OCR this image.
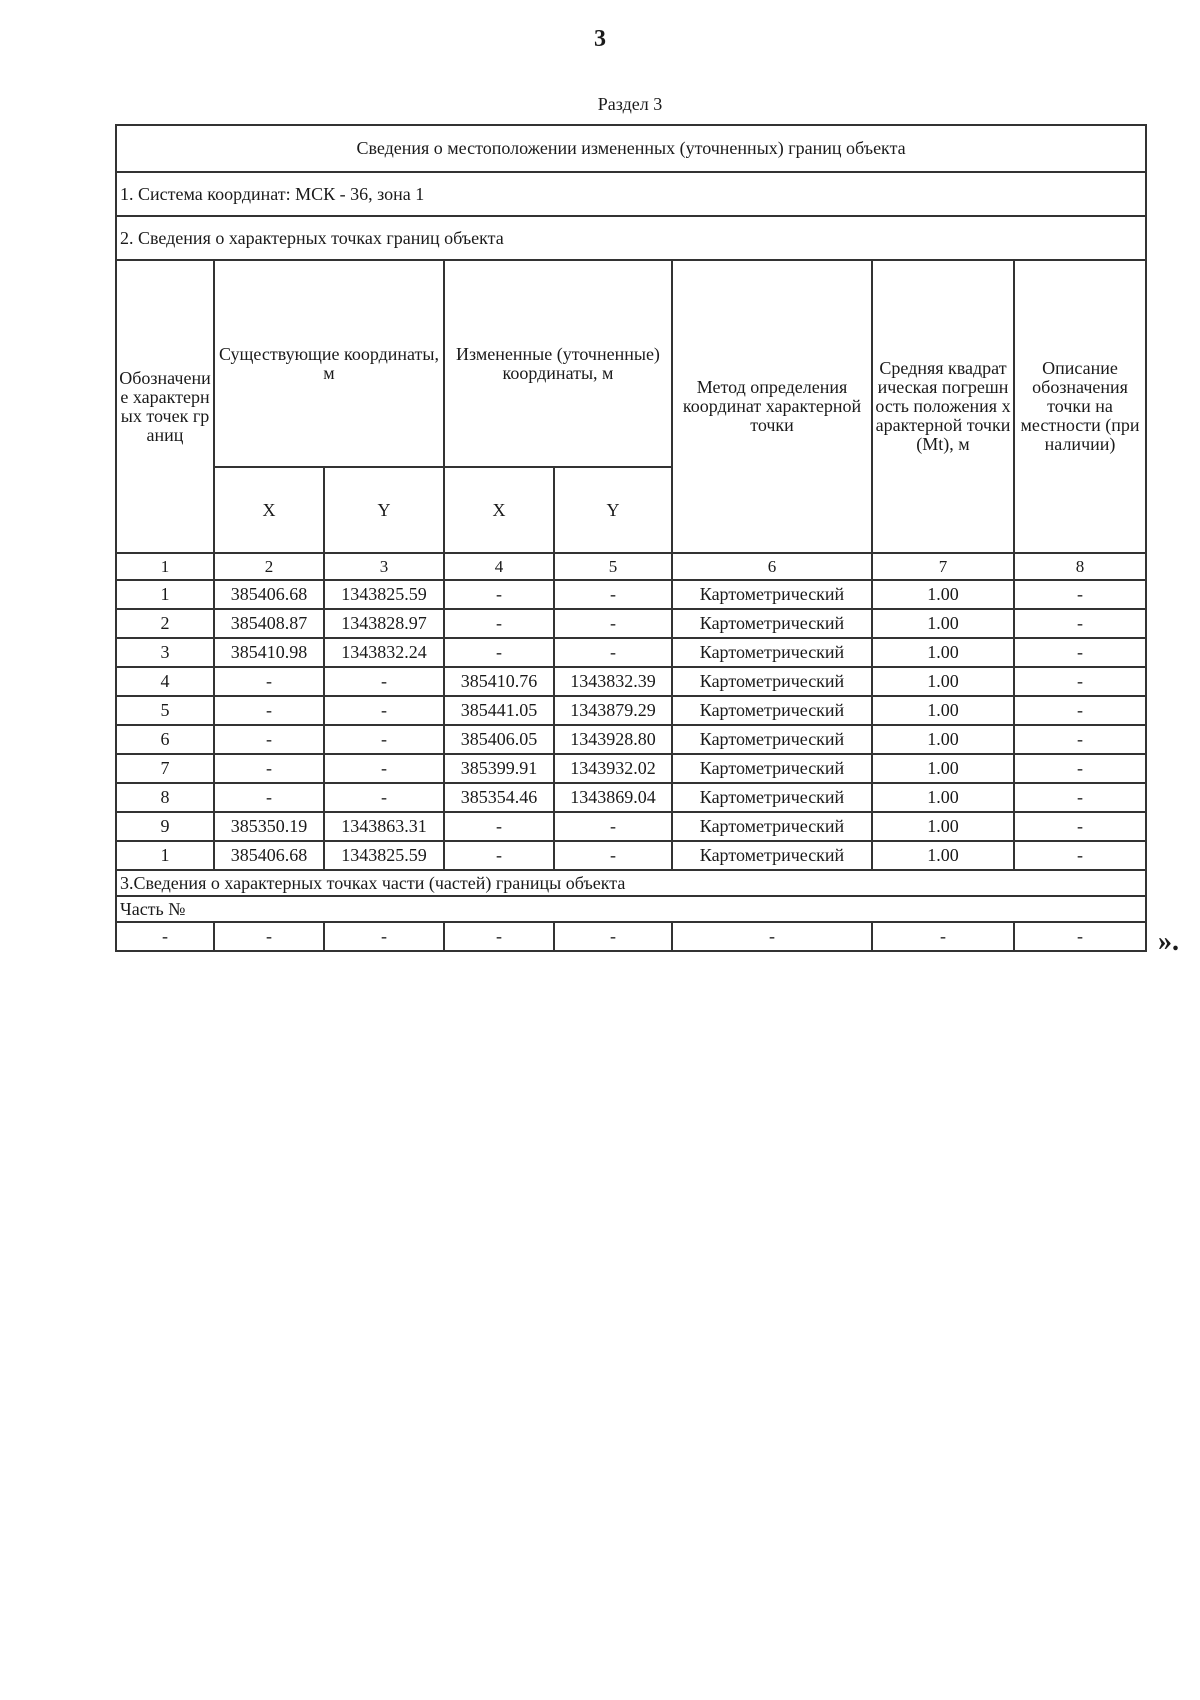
3
Раздел 3
Сведения о местоположении измененных (уточненных) границ объекта							
1. Система координат: МСК - 36, зона 1							
2. Сведения о характерных точках границ объекта							
Обозначение характерных точек границ	Существующие координаты, м		Измененные (уточненные) координаты, м		Метод определения координат характерной точки	Средняя квадратическая погрешность положения характерной точки (Mt), м	Описание обозначения точки на местности (при наличии)
	X	Y	X	Y			
1	2	3	4	5	6	7	8
1	385406.68	1343825.59	-	-	Картометрический	1.00	-
2	385408.87	1343828.97	-	-	Картометрический	1.00	-
3	385410.98	1343832.24	-	-	Картометрический	1.00	-
4	-	-	385410.76	1343832.39	Картометрический	1.00	-
5	-	-	385441.05	1343879.29	Картометрический	1.00	-
6	-	-	385406.05	1343928.80	Картометрический	1.00	-
7	-	-	385399.91	1343932.02	Картометрический	1.00	-
8	-	-	385354.46	1343869.04	Картометрический	1.00	-
9	385350.19	1343863.31	-	-	Картометрический	1.00	-
1	385406.68	1343825.59	-	-	Картометрический	1.00	-
3.Сведения о характерных точках части (частей) границы объекта							
Часть №							
-	-	-	-	-	-	-	-	».
